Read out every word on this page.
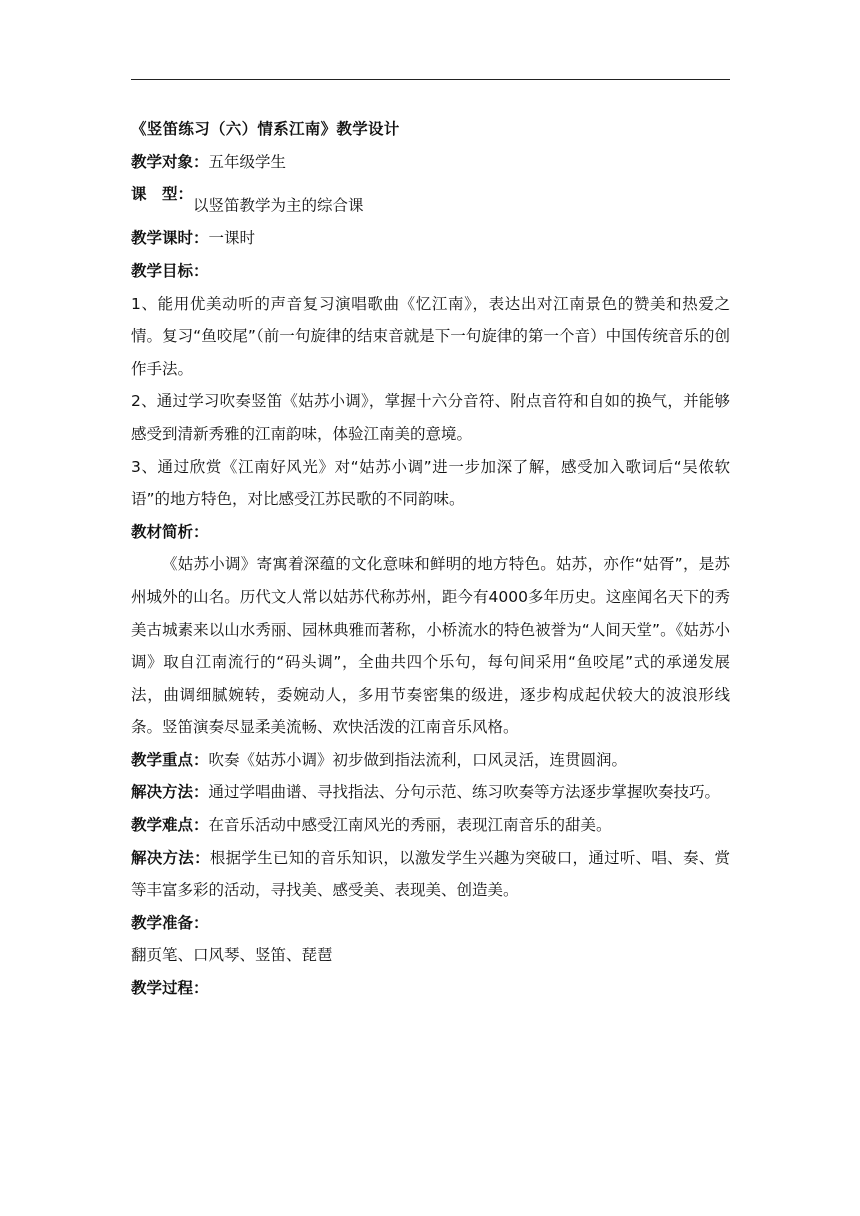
《竖笛练习（六）情系江南》教学设计

教学对象：五年级学生

课 型：
以竖笛教学为主的综合课

教学课时：一课时

教学目标：

1、能用优美动听的声音复习演唱歌曲《忆江南》，表达出对江南景色的赞美和热爱之情。复习“鱼咬尾”（前一句旋律的结束音就是下一句旋律的第一个音）中国传统音乐的创作手法。

2、通过学习吹奏竖笛《姑苏小调》，掌握十六分音符、附点音符和自如的换气，并能够感受到清新秀雅的江南韵味，体验江南美的意境。

3、通过欣赏《江南好风光》对“姑苏小调”进一步加深了解，感受加入歌词后“吴侬软语”的地方特色，对比感受江苏民歌的不同韵味。

教材简析：

《姑苏小调》寄寓着深蕴的文化意味和鲜明的地方特色。姑苏，亦作“姑胥”，是苏州城外的山名。历代文人常以姑苏代称苏州，距今有4000多年历史。这座闻名天下的秀美古城素来以山水秀丽、园林典雅而著称，小桥流水的特色被誉为“人间天堂”。《姑苏小调》取自江南流行的“码头调”，全曲共四个乐句，每句间采用“鱼咬尾”式的承递发展法，曲调细腻婉转，委婉动人，多用节奏密集的级进，逐步构成起伏较大的波浪形线条。竖笛演奏尽显柔美流畅、欢快活泼的江南音乐风格。

教学重点：吹奏《姑苏小调》初步做到指法流利，口风灵活，连贯圆润。

解决方法：通过学唱曲谱、寻找指法、分句示范、练习吹奏等方法逐步掌握吹奏技巧。

教学难点：在音乐活动中感受江南风光的秀丽，表现江南音乐的甜美。

解决方法：根据学生已知的音乐知识，以激发学生兴趣为突破口，通过听、唱、奏、赏等丰富多彩的活动，寻找美、感受美、表现美、创造美。

教学准备：

翻页笔、口风琴、竖笛、琵琶

教学过程：
